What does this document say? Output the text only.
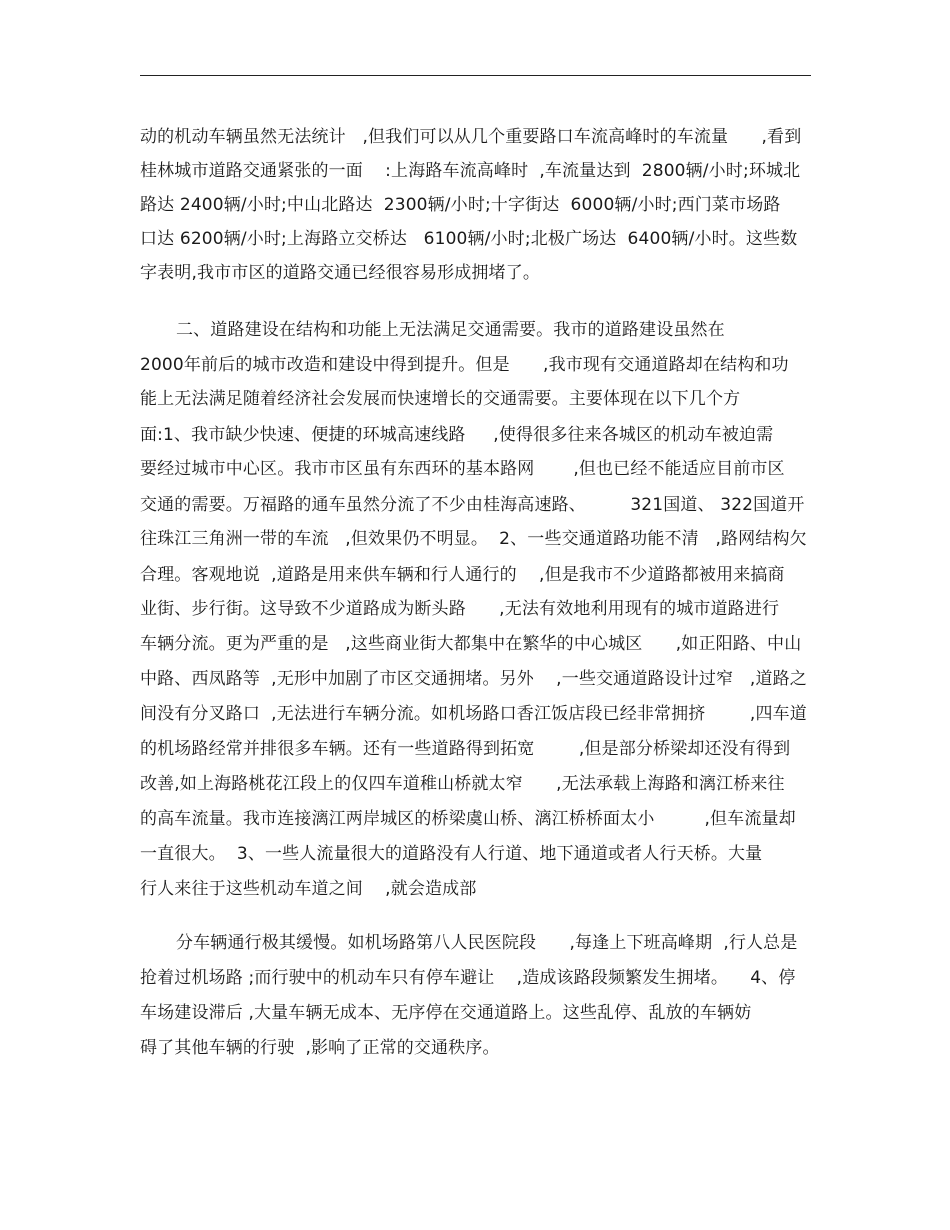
动的机动车辆虽然无法统计   ,但我们可以从几个重要路口车流高峰时的车流量      ,看到
桂林城市道路交通紧张的一面    :上海路车流高峰时  ,车流量达到  2800辆/小时;环城北
路达 2400辆/小时;中山北路达  2300辆/小时;十字街达  6000辆/小时;西门菜市场路
口达 6200辆/小时;上海路立交桥达   6100辆/小时;北极广场达  6400辆/小时。这些数
字表明,我市市区的道路交通已经很容易形成拥堵了。
二、道路建设在结构和功能上无法满足交通需要。我市的道路建设虽然在
2000年前后的城市改造和建设中得到提升。但是      ,我市现有交通道路却在结构和功
能上无法满足随着经济社会发展而快速增长的交通需要。主要体现在以下几个方
面:1、我市缺少快速、便捷的环城高速线路     ,使得很多往来各城区的机动车被迫需
要经过城市中心区。我市市区虽有东西环的基本路网       ,但也已经不能适应目前市区
交通的需要。万福路的通车虽然分流了不少由桂海高速路、        321国道、 322国道开
往珠江三角洲一带的车流   ,但效果仍不明显。  2、一些交通道路功能不清   ,路网结构欠
合理。客观地说  ,道路是用来供车辆和行人通行的    ,但是我市不少道路都被用来搞商
业街、步行街。这导致不少道路成为断头路      ,无法有效地利用现有的城市道路进行
车辆分流。更为严重的是   ,这些商业街大都集中在繁华的中心城区      ,如正阳路、中山
中路、西凤路等  ,无形中加剧了市区交通拥堵。另外    ,一些交通道路设计过窄   ,道路之
间没有分叉路口  ,无法进行车辆分流。如机场路口香江饭店段已经非常拥挤        ,四车道
的机场路经常并排很多车辆。还有一些道路得到拓宽        ,但是部分桥梁却还没有得到
改善,如上海路桃花江段上的仅四车道稚山桥就太窄      ,无法承载上海路和漓江桥来往
的高车流量。我市连接漓江两岸城区的桥梁虞山桥、漓江桥桥面太小         ,但车流量却
一直很大。  3、一些人流量很大的道路没有人行道、地下通道或者人行天桥。大量
行人来往于这些机动车道之间    ,就会造成部
分车辆通行极其缓慢。如机场路第八人民医院段      ,每逢上下班高峰期  ,行人总是
抢着过机场路 ;而行驶中的机动车只有停车避让    ,造成该路段频繁发生拥堵。    4、停
车场建设滞后 ,大量车辆无成本、无序停在交通道路上。这些乱停、乱放的车辆妨
碍了其他车辆的行驶  ,影响了正常的交通秩序。
